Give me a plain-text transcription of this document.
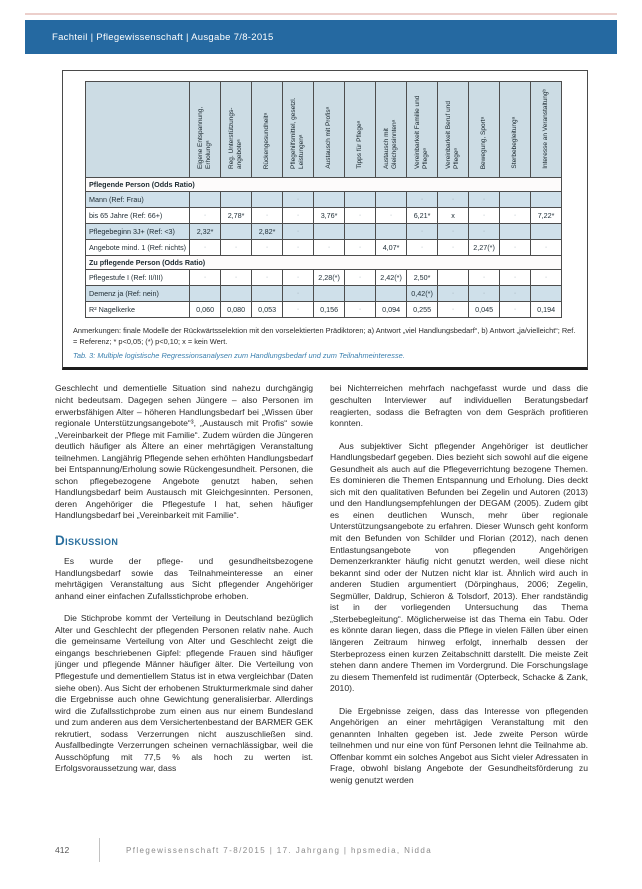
Fachteil | Pflegewissenschaft | Ausgabe 7/8-2015
	Eigene Entspannung, Erholungᵃ	Reg. Unterstützungs-angeboteᵃ	Rückengesundheitᵃ	Pflegehilfsmittel, gesetzl. Leistungenᵃ	Austausch mit Profisᵃ	Tipps für Pflegeᵃ	Austausch mit Gleichgesinntenᵃ	Vereinbarkeit Familie und Pflegeᵃ	Vereinbarkeit Beruf und Pflegeᵃ	Bewegung, Sportᵃ	Sterbebegleitungᵃ	Interesse an Veranstaltungᵇ
Pflegende Person (Odds Ratio)												
Mann (Ref: Frau)				·				·	·	·		
bis 65 Jahre (Ref: 66+)	·	2,78*	·	·	3,76*	·	·	6,21*	x	·	·	7,22*
Pflegebeginn 3J+ (Ref: <3)	2,32*		2,82*	·				·	·	·		
Angebote mind. 1 (Ref: nichts)	·	·	·	·	·	·	4,07*	·	·	2,27(*)	·	·
Zu pflegende Person (Odds Ratio)												
Pflegestufe I (Ref: II/III)	·	·	·	·	2,28(*)	·	2,42(*)	2,50*		·	·	·
Demenz ja (Ref: nein)				·				0,42(*)	·	·	·	
R² Nagelkerke	0,060	0,080	0,053	·	0,156	·	0,094	0,255	·	0,045	·	0,194

Anmerkungen: finale Modelle der Rückwärtsselektion mit den vorselektierten Prädiktoren; a) Antwort „viel Handlungsbedarf“, b) Antwort „ja/vielleicht“; Ref. = Referenz; * p<0,05; (*) p<0,10; x = kein Wert.

Tab. 3: Multiple logistische Regressionsanalysen zum Handlungsbedarf und zum Teilnahmeinteresse.

Geschlecht und dementielle Situation sind nahezu durchgängig nicht bedeutsam. Dagegen sehen Jüngere – also Personen im erwerbsfähigen Alter – höheren Handlungsbedarf bei „Wissen über regionale Unterstützungsangebote“³, „Austausch mit Profis“ sowie „Vereinbarkeit der Pflege mit Familie“. Zudem würden die Jüngeren deutlich häufiger als Ältere an einer mehrtägigen Veranstaltung teilnehmen. Langjährig Pflegende sehen erhöhten Handlungsbedarf bei Entspannung/Erholung sowie Rückengesundheit. Personen, die schon pflegebezogene Angebote genutzt haben, sehen Handlungsbedarf beim Austausch mit Gleichgesinnten. Personen, deren Angehöriger die Pflegestufe I hat, sehen häufiger Handlungsbedarf bei „Vereinbarkeit mit Familie“.

Diskussion

Es wurde der pflege- und gesundheitsbezogene Handlungsbedarf sowie das Teilnahmeinteresse an einer mehrtägigen Veranstaltung aus Sicht pflegender Angehöriger anhand einer einfachen Zufallsstichprobe erhoben.

Die Stichprobe kommt der Verteilung in Deutschland bezüglich Alter und Geschlecht der pflegenden Personen relativ nahe. Auch die gemeinsame Verteilung von Alter und Geschlecht zeigt die eingangs beschriebenen Gipfel: pflegende Frauen sind häufiger jünger und pflegende Männer häufiger älter. Die Verteilung von Pflegestufe und dementiellem Status ist in etwa vergleichbar (Daten siehe oben). Aus Sicht der erhobenen Strukturmerkmale sind daher die Ergebnisse auch ohne Gewichtung generalisierbar. Allerdings wird die Zufallsstichprobe zum einen aus nur einem Bundesland und zum anderen aus dem Versichertenbestand der BARMER GEK rekrutiert, sodass Verzerrungen nicht auszuschließen sind. Ausfallbedingte Verzerrungen scheinen vernachlässigbar, weil die Ausschöpfung mit 77,5 % als hoch zu werten ist. Erfolgsvoraussetzung war, dass

bei Nichterreichen mehrfach nachgefasst wurde und dass die geschulten Interviewer auf individuellen Beratungsbedarf reagierten, sodass die Befragten von dem Gespräch profitieren konnten.

Aus subjektiver Sicht pflegender Angehöriger ist deutlicher Handlungsbedarf gegeben. Dies bezieht sich sowohl auf die eigene Gesundheit als auch auf die Pflegeverrichtung bezogene Themen. Es dominieren die Themen Entspannung und Erholung. Dies deckt sich mit den qualitativen Befunden bei Zegelin und Autoren (2013) und den Handlungsempfehlungen der DEGAM (2005). Zudem gibt es einen deutlichen Wunsch, mehr über regionale Unterstützungsangebote zu erfahren. Dieser Wunsch geht konform mit den Befunden von Schilder und Florian (2012), nach denen Entlastungsangebote von pflegenden Angehörigen Demenzerkrankter häufig nicht genutzt werden, weil diese nicht bekannt sind oder der Nutzen nicht klar ist. Ähnlich wird auch in anderen Studien argumentiert (Dörpinghaus, 2006; Zegelin, Segmüller, Daldrup, Schieron & Tolsdorf, 2013). Eher randständig ist in der vorliegenden Untersuchung das Thema „Sterbebegleitung“. Möglicherweise ist das Thema ein Tabu. Oder es könnte daran liegen, dass die Pflege in vielen Fällen über einen längeren Zeitraum hinweg erfolgt, innerhalb dessen der Sterbeprozess einen kurzen Zeitabschnitt darstellt. Die meiste Zeit stehen dann andere Themen im Vordergrund. Die Forschungslage zu diesem Themenfeld ist rudimentär (Opterbeck, Schacke & Zank, 2010).

Die Ergebnisse zeigen, dass das Interesse von pflegenden Angehörigen an einer mehrtägigen Veranstaltung mit den genannten Inhalten gegeben ist. Jede zweite Person würde teilnehmen und nur eine von fünf Personen lehnt die Teilnahme ab. Offenbar kommt ein solches Angebot aus Sicht vieler Adressaten in Frage, obwohl bislang Angebote der Gesundheitsförderung zu wenig genutzt werden

412	Pflegewissenschaft 7-8/2015 | 17. Jahrgang | hpsmedia, Nidda
